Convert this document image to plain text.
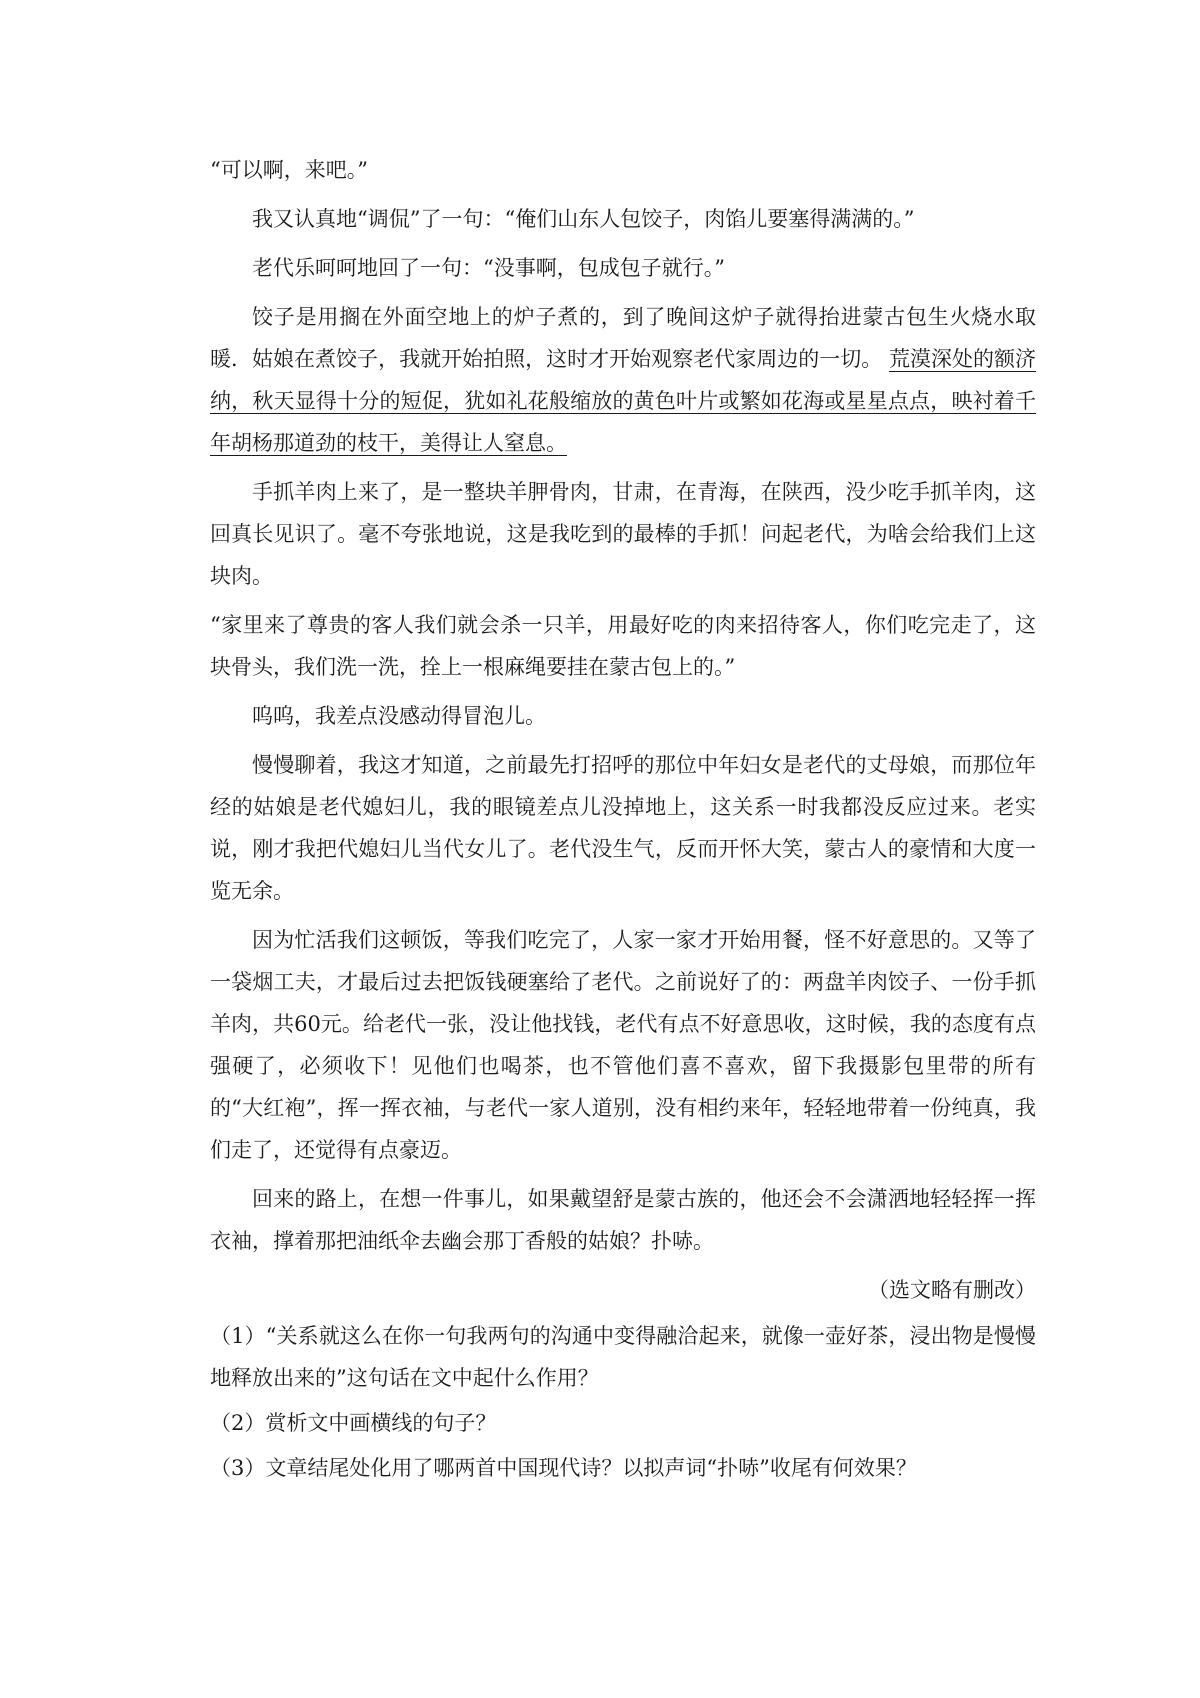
“可以啊，来吧。”

我又认真地“调侃”了一句：“俺们山东人包饺子，肉馅儿要塞得满满的。”

老代乐呵呵地回了一句：“没事啊，包成包子就行。”

饺子是用搁在外面空地上的炉子煮的，到了晚间这炉子就得抬进蒙古包生火烧水取暖．姑娘在煮饺子，我就开始拍照，这时才开始观察老代家周边的一切。 荒漠深处的额济纳，秋天显得十分的短促，犹如礼花般缩放的黄色叶片或繁如花海或星星点点，映衬着千年胡杨那道劲的枝干，美得让人窒息。

手抓羊肉上来了，是一整块羊胛骨肉，甘肃，在青海，在陕西，没少吃手抓羊肉，这回真长见识了。毫不夸张地说，这是我吃到的最棒的手抓！问起老代，为啥会给我们上这块肉。

“家里来了尊贵的客人我们就会杀一只羊，用最好吃的肉来招待客人，你们吃完走了，这块骨头，我们洗一洗，拴上一根麻绳要挂在蒙古包上的。”

呜呜，我差点没感动得冒泡儿。

慢慢聊着，我这才知道，之前最先打招呼的那位中年妇女是老代的丈母娘，而那位年经的姑娘是老代媳妇儿，我的眼镜差点儿没掉地上，这关系一时我都没反应过来。老实说，刚才我把代媳妇儿当代女儿了。老代没生气，反而开怀大笑，蒙古人的豪情和大度一览无余。

因为忙活我们这顿饭，等我们吃完了，人家一家才开始用餐，怪不好意思的。又等了一袋烟工夫，才最后过去把饭钱硬塞给了老代。之前说好了的：两盘羊肉饺子、一份手抓羊肉，共60元。给老代一张，没让他找钱，老代有点不好意思收，这时候，我的态度有点强硬了，必须收下！见他们也喝茶，也不管他们喜不喜欢，留下我摄影包里带的所有的“大红袍”，挥一挥衣袖，与老代一家人道别，没有相约来年，轻轻地带着一份纯真，我们走了，还觉得有点豪迈。

回来的路上，在想一件事儿，如果戴望舒是蒙古族的，他还会不会潇洒地轻轻挥一挥衣袖，撑着那把油纸伞去幽会那丁香般的姑娘？扑哧。

（选文略有删改）

（1）“关系就这么在你一句我两句的沟通中变得融洽起来，就像一壶好茶，浸出物是慢慢地释放出来的”这句话在文中起什么作用？

（2）赏析文中画横线的句子？

（3）文章结尾处化用了哪两首中国现代诗？以拟声词“扑哧”收尾有何效果？
